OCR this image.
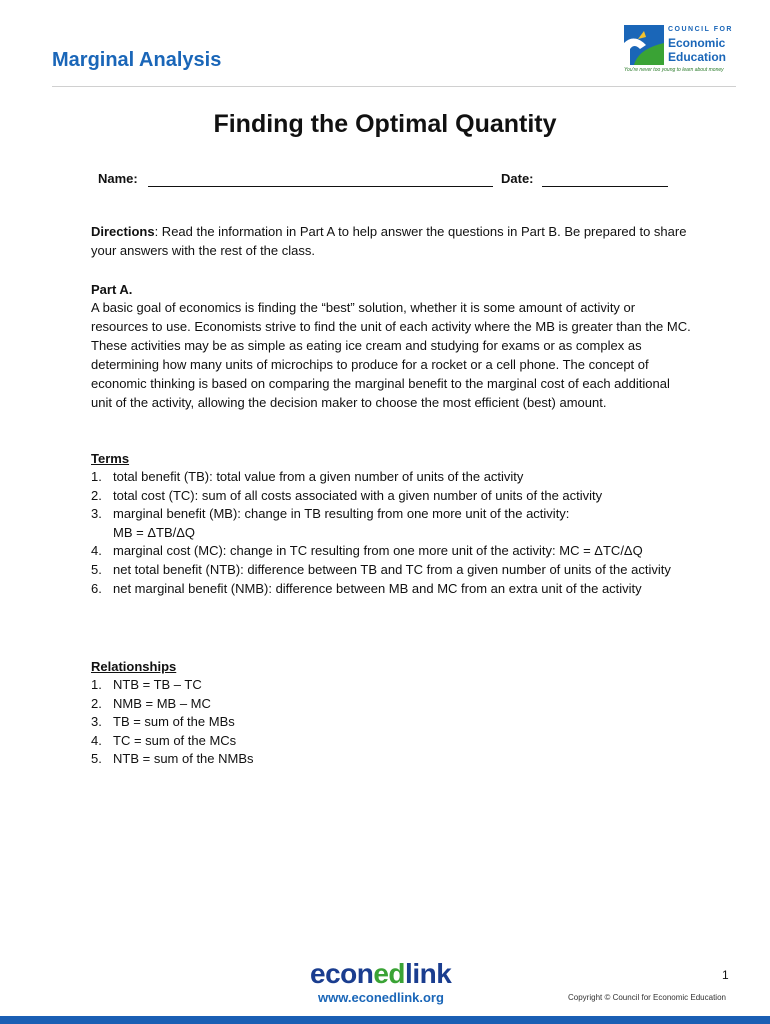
Marginal Analysis
COUNCIL FOR
Economic
Education
You're never too young to learn about money
Finding the Optimal Quantity
Name:	Date:
Directions: Read the information in Part A to help answer the questions in Part B. Be prepared to share your answers with the rest of the class.
Part A.
A basic goal of economics is finding the “best” solution, whether it is some amount of activity or resources to use. Economists strive to find the unit of each activity where the MB is greater than the MC. These activities may be as simple as eating ice cream and studying for exams or as complex as determining how many units of microchips to produce for a rocket or a cell phone. The concept of economic thinking is based on comparing the marginal benefit to the marginal cost of each additional unit of the activity, allowing the decision maker to choose the most efficient (best) amount.
Terms
1. total benefit (TB): total value from a given number of units of the activity
2. total cost (TC): sum of all costs associated with a given number of units of the activity
3. marginal benefit (MB): change in TB resulting from one more unit of the activity:
MB = ΔTB/ΔQ
4. marginal cost (MC): change in TC resulting from one more unit of the activity: MC = ΔTC/ΔQ
5. net total benefit (NTB): difference between TB and TC from a given number of units of the activity
6. net marginal benefit (NMB): difference between MB and MC from an extra unit of the activity
Relationships
1. NTB = TB – TC
2. NMB = MB – MC
3. TB = sum of the MBs
4. TC = sum of the MCs
5. NTB = sum of the NMBs
econedlink
www.econedlink.org
1
Copyright © Council for Economic Education
